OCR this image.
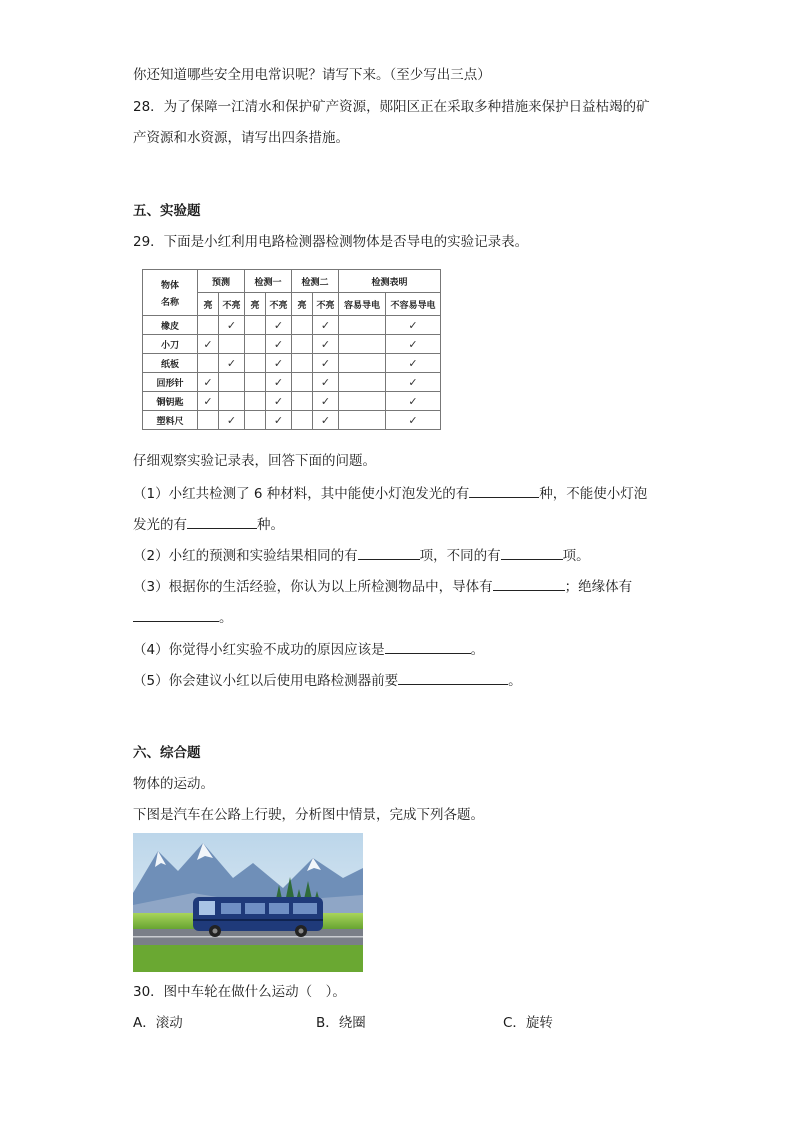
你还知道哪些安全用电常识呢？请写下来。（至少写出三点）
28．为了保障一江清水和保护矿产资源，郧阳区正在采取多种措施来保护日益枯竭的矿
产资源和水资源，请写出四条措施。
五、实验题
29．下面是小红利用电路检测器检测物体是否导电的实验记录表。
物体
名称	预测		检测一		检测二		检测表明	
	亮	不亮	亮	不亮	亮	不亮	容易导电	不容易导电
橡皮		✓		✓		✓		✓
小刀	✓			✓		✓		✓
纸板		✓		✓		✓		✓
回形针	✓			✓		✓		✓
铜钥匙	✓			✓		✓		✓
塑料尺		✓		✓		✓		✓
仔细观察实验记录表，回答下面的问题。
（1）小红共检测了 6 种材料，其中能使小灯泡发光的有	种，不能使小灯泡
发光的有	种。
（2）小红的预测和实验结果相同的有	项，不同的有	项。
（3）根据你的生活经验，你认为以上所检测物品中，导体有	；绝缘体有
。
（4）你觉得小红实验不成功的原因应该是	。
（5）你会建议小红以后使用电路检测器前要	。
六、综合题
物体的运动。
下图是汽车在公路上行驶，分析图中情景，完成下列各题。
30．图中车轮在做什么运动（　）。
A．滚动	B．绕圈	C．旋转
